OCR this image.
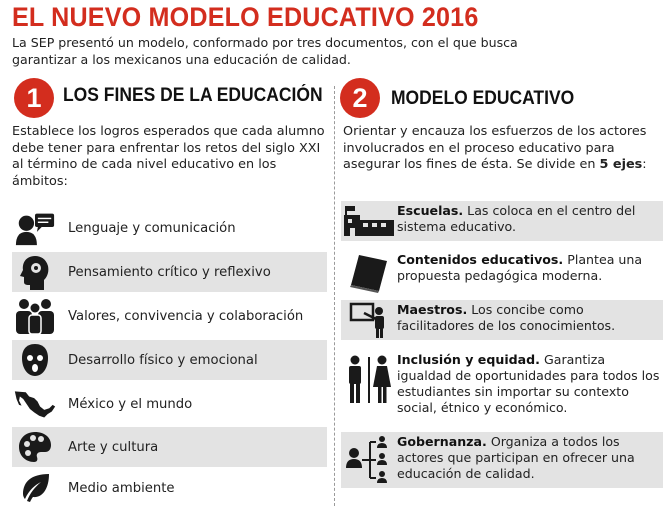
EL NUEVO MODELO EDUCATIVO 2016
La SEP presentó un modelo, conformado por tres documentos, con el que busca garantizar a los mexicanos una educación de calidad.
1	LOS FINES DE LA EDUCACIÓN
Establece los logros esperados que cada alumno debe tener para enfrentar los retos del siglo XXI al término de cada nivel educativo en los ámbitos:
Lenguaje y comunicación
Pensamiento crítico y reflexivo
Valores, convivencia y colaboración
Desarrollo físico y emocional
México y el mundo
Arte y cultura
Medio ambiente
2	MODELO EDUCATIVO
Orientar y encauza los esfuerzos de los actores involucrados en el proceso educativo para asegurar los fines de ésta. Se divide en 5 ejes:
Escuelas. Las coloca en el centro del sistema educativo.
Contenidos educativos. Plantea una propuesta pedagógica moderna.
Maestros. Los concibe como facilitadores de los conocimientos.
Inclusión y equidad. Garantiza igualdad de oportunidades para todos los estudiantes sin importar su contexto social, étnico y económico.
Gobernanza. Organiza a todos los actores que participan en ofrecer una educación de calidad.
